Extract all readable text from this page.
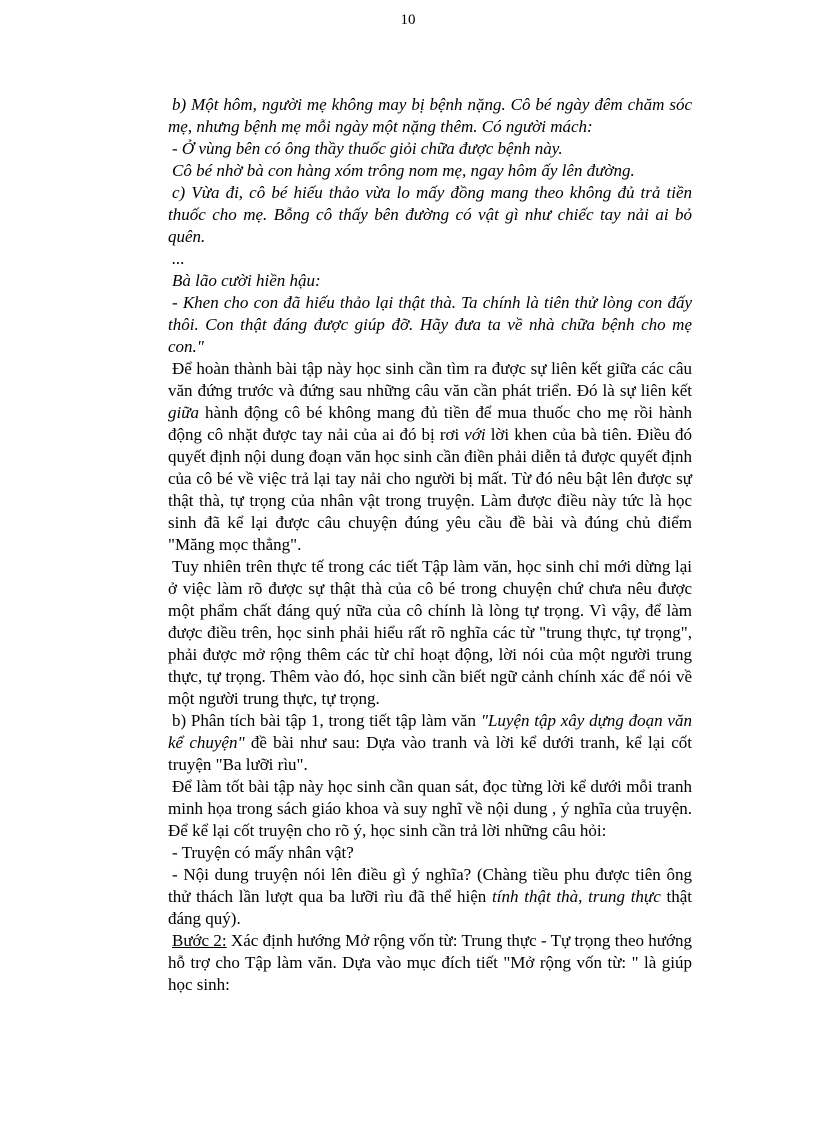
10

b) Một hôm, người mẹ không may bị bệnh nặng. Cô bé ngày đêm chăm sóc mẹ, nhưng bệnh mẹ mỗi ngày một nặng thêm. Có người mách:

- Ở vùng bên có ông thầy thuốc giỏi chữa được bệnh này.

Cô bé nhờ bà con hàng xóm trông nom mẹ, ngay hôm ấy lên đường.

c) Vừa đi, cô bé hiếu thảo vừa lo mấy đồng mang theo không đủ trả tiền thuốc cho mẹ. Bỗng cô thấy bên đường có vật gì như chiếc tay nải ai bỏ quên.

...

Bà lão cười hiền hậu:

- Khen cho con đã hiếu thảo lại thật thà. Ta chính là tiên thử lòng con đấy thôi. Con thật đáng được giúp đỡ. Hãy đưa ta về nhà chữa bệnh cho mẹ con."

Để hoàn thành bài tập này học sinh cần tìm ra được sự liên kết giữa các câu văn đứng trước và đứng sau những câu văn cần phát triển. Đó là sự liên kết giữa hành động cô bé không mang đủ tiền để mua thuốc cho mẹ rồi hành động cô nhặt được tay nải của ai đó bị rơi với lời khen của bà tiên. Điều đó quyết định nội dung đoạn văn học sinh cần điền phải diễn tả được quyết định của cô bé về việc trả lại tay nải cho người bị mất. Từ đó nêu bật lên được sự thật thà, tự trọng của nhân vật trong truyện. Làm được điều này tức là học sinh đã kể lại được câu chuyện đúng yêu cầu đề bài và đúng chủ điểm "Măng mọc thẳng".

Tuy nhiên trên thực tế trong các tiết Tập làm văn, học sinh chỉ mới dừng lại ở việc làm rõ được sự thật thà của cô bé trong chuyện chứ chưa nêu được một phẩm chất đáng quý nữa của cô chính là lòng tự trọng. Vì vậy, để làm được điều trên, học sinh phải hiểu rất rõ nghĩa các từ "trung thực, tự trọng", phải được mở rộng thêm các từ chỉ hoạt động, lời nói của một người trung thực, tự trọng. Thêm vào đó, học sinh cần biết ngữ cảnh chính xác để nói về một người trung thực, tự trọng.

b) Phân tích bài tập 1, trong tiết tập làm văn "Luyện tập xây dựng đoạn văn kể chuyện" đề bài như sau: Dựa vào tranh và lời kể dưới tranh, kể lại cốt truyện "Ba lưỡi rìu".

Để làm tốt bài tập này học sinh cần quan sát, đọc từng lời kể dưới mỗi tranh minh họa trong sách giáo khoa và suy nghĩ về nội dung , ý nghĩa của truyện. Để kể lại cốt truyện cho rõ ý, học sinh cần trả lời những câu hỏi:

- Truyện có mấy nhân vật?

- Nội dung truyện nói lên điều gì ý nghĩa? (Chàng tiều phu được tiên ông thử thách lần lượt qua ba lưỡi rìu đã thể hiện tính thật thà, trung thực thật đáng quý).

Bước 2: Xác định hướng Mở rộng vốn từ: Trung thực - Tự trọng theo hướng hỗ trợ cho Tập làm văn. Dựa vào mục đích tiết "Mở rộng vốn từ: " là giúp học sinh:
